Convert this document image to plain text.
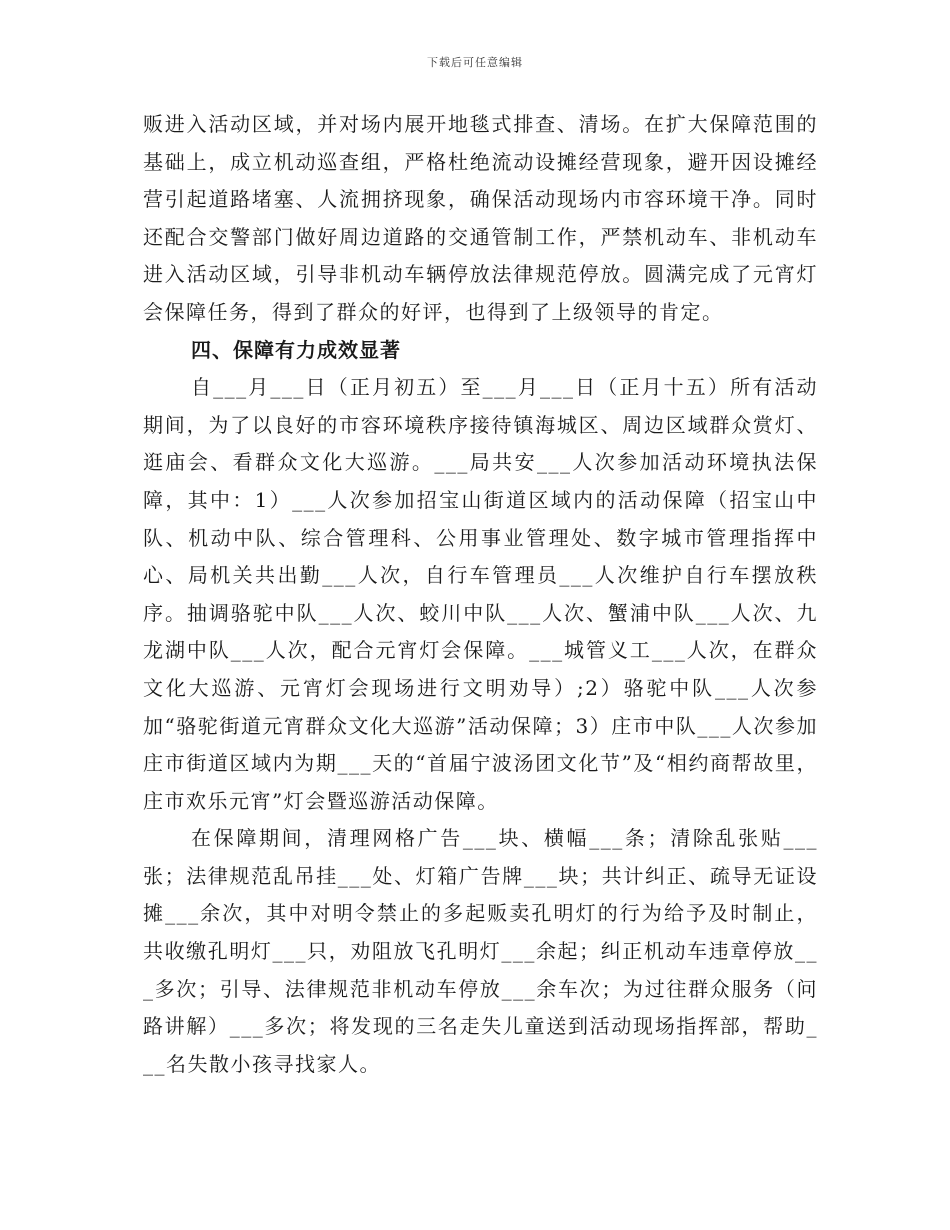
下载后可任意编辑

贩进入活动区域，并对场内展开地毯式排查、清场。在扩大保障范围的基础上，成立机动巡查组，严格杜绝流动设摊经营现象，避开因设摊经营引起道路堵塞、人流拥挤现象，确保活动现场内市容环境干净。同时还配合交警部门做好周边道路的交通管制工作，严禁机动车、非机动车进入活动区域，引导非机动车辆停放法律规范停放。圆满完成了元宵灯会保障任务，得到了群众的好评，也得到了上级领导的肯定。

四、保障有力成效显著

自___月___日（正月初五）至___月___日（正月十五）所有活动期间，为了以良好的市容环境秩序接待镇海城区、周边区域群众赏灯、逛庙会、看群众文化大巡游。___局共安___人次参加活动环境执法保障，其中：1）___人次参加招宝山街道区域内的活动保障（招宝山中队、机动中队、综合管理科、公用事业管理处、数字城市管理指挥中心、局机关共出勤___人次，自行车管理员___人次维护自行车摆放秩序。抽调骆驼中队___人次、蛟川中队___人次、蟹浦中队___人次、九龙湖中队___人次，配合元宵灯会保障。___城管义工___人次，在群众文化大巡游、元宵灯会现场进行文明劝导）;2）骆驼中队___人次参加“骆驼街道元宵群众文化大巡游”活动保障；3）庄市中队___人次参加庄市街道区域内为期___天的“首届宁波汤团文化节”及“相约商帮故里，庄市欢乐元宵”灯会暨巡游活动保障。

在保障期间，清理网格广告___块、横幅___条；清除乱张贴___张；法律规范乱吊挂___处、灯箱广告牌___块；共计纠正、疏导无证设摊___余次，其中对明令禁止的多起贩卖孔明灯的行为给予及时制止，共收缴孔明灯___只，劝阻放飞孔明灯___余起；纠正机动车违章停放___多次；引导、法律规范非机动车停放___余车次；为过往群众服务（问路讲解）___多次；将发现的三名走失儿童送到活动现场指挥部，帮助___名失散小孩寻找家人。
